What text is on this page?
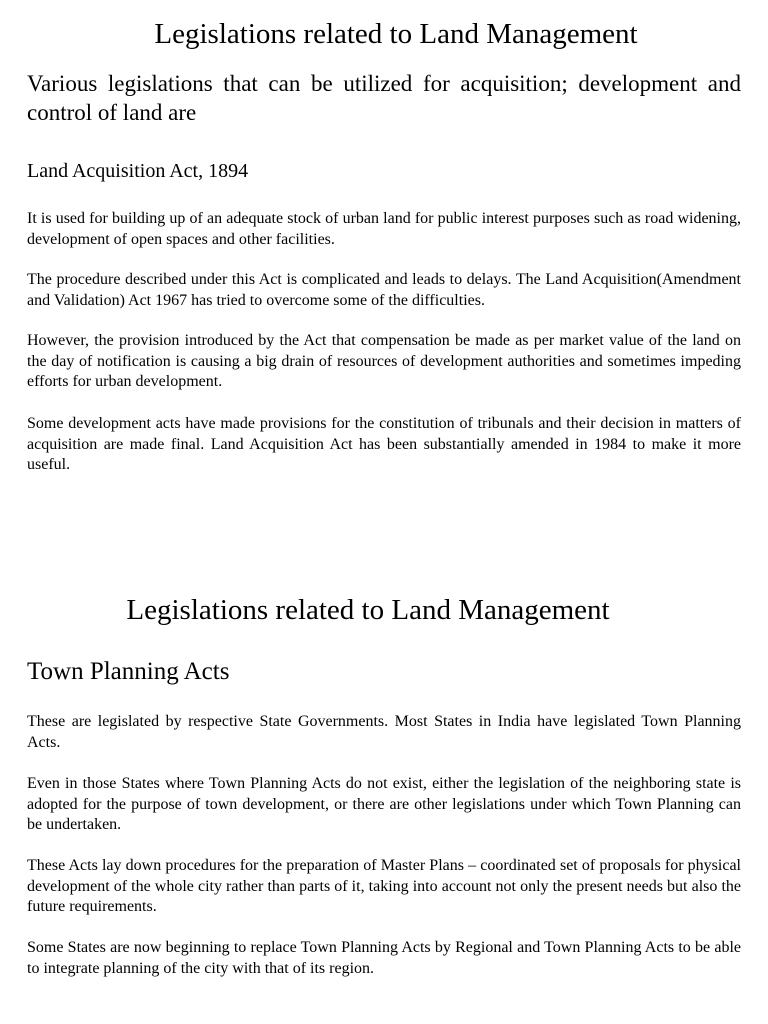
Legislations related to Land Management

Various legislations that can be utilized for acquisition; development and control of land are

Land Acquisition Act, 1894

It is used for building up of an adequate stock of urban land for public interest purposes such as road widening, development of open spaces and other facilities.

The procedure described under this Act is complicated and leads to delays. The Land Acquisition(Amendment and Validation) Act 1967 has tried to overcome some of the difficulties.

However, the provision introduced by the Act that compensation be made as per market value of the land on the day of notification is causing a big drain of resources of development authorities and sometimes impeding efforts for urban development.

Some development acts have made provisions for the constitution of tribunals and their decision in matters of acquisition are made final. Land Acquisition Act has been substantially amended in 1984 to make it more useful.

Legislations related to Land Management
Town Planning Acts

These are legislated by respective State Governments. Most States in India have legislated Town Planning Acts.

Even in those States where Town Planning Acts do not exist, either the legislation of the neighboring state is adopted for the purpose of town development, or there are other legislations under which Town Planning can be undertaken.

These Acts lay down procedures for the preparation of Master Plans – coordinated set of proposals for physical development of the whole city rather than parts of it, taking into account not only the present needs but also the future requirements.

Some States are now beginning to replace Town Planning Acts by Regional and Town Planning Acts to be able to integrate planning of the city with that of its region.
